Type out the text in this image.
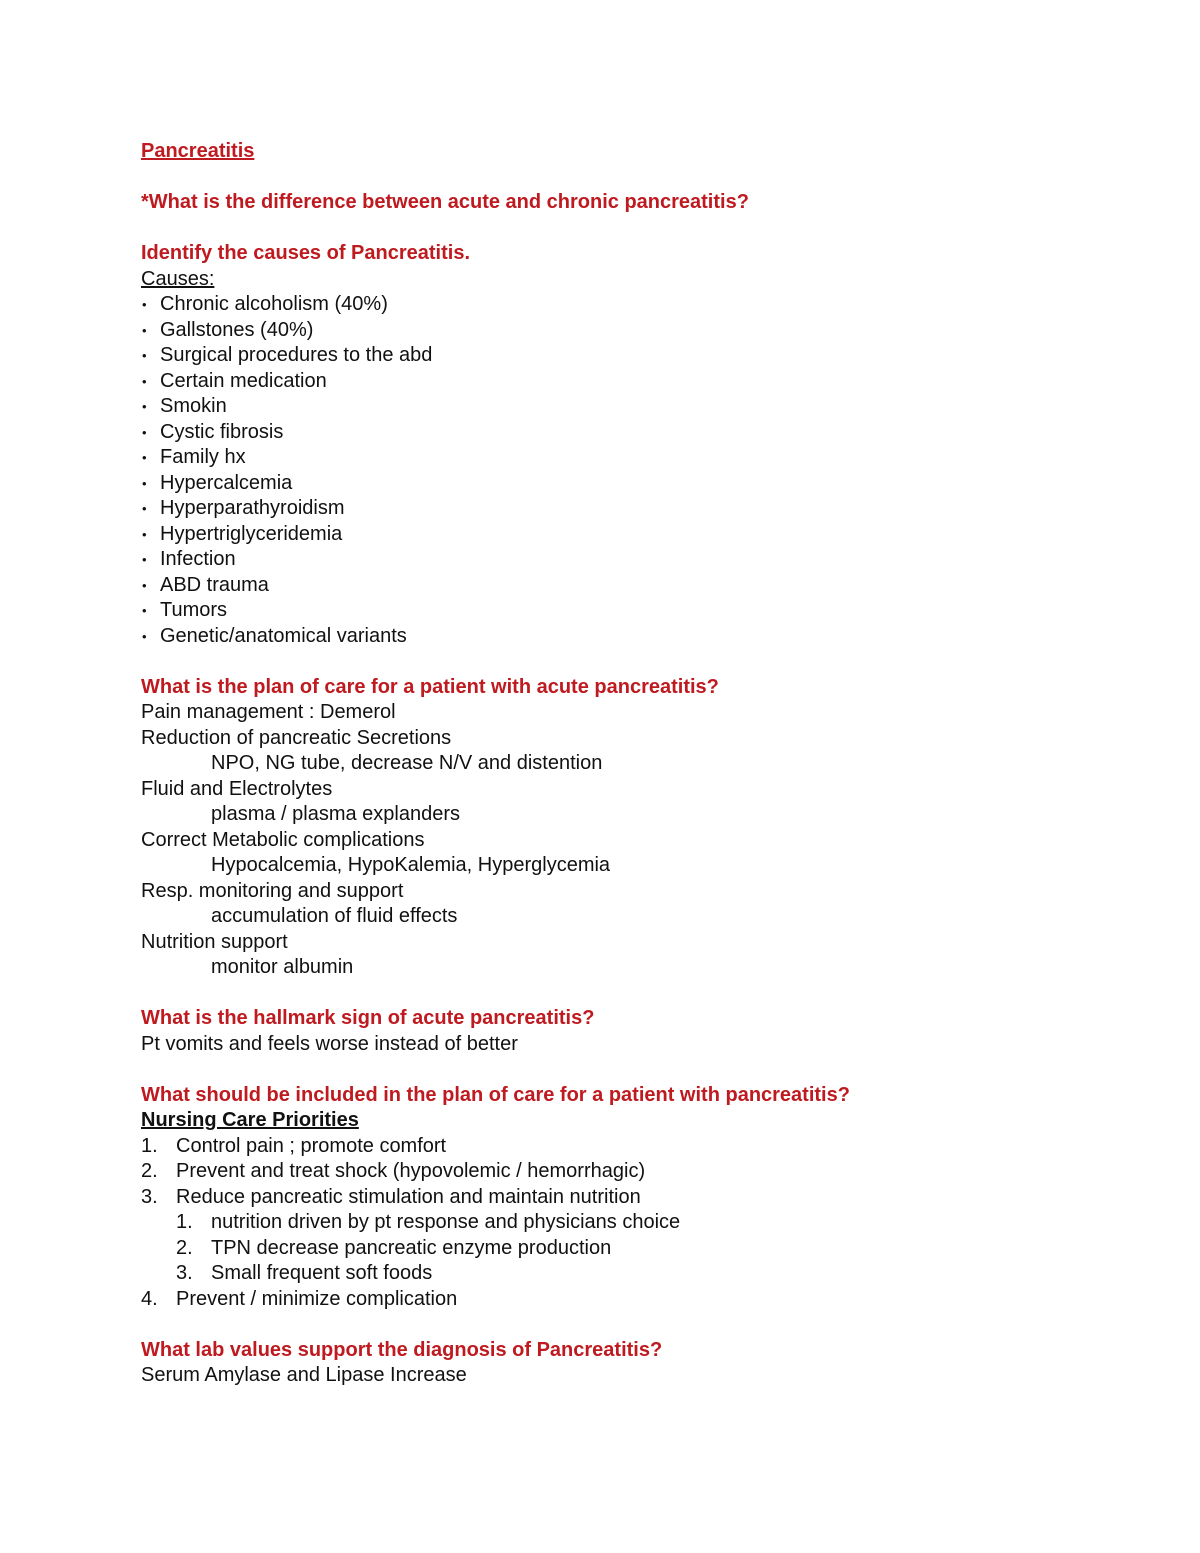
Pancreatitis
*What is the difference between acute and chronic pancreatitis?
Identify the causes of Pancreatitis.
Causes:
• Chronic alcoholism (40%)
• Gallstones (40%)
• Surgical procedures to the abd
• Certain medication
• Smokin
• Cystic fibrosis
• Family hx
• Hypercalcemia
• Hyperparathyroidism
• Hypertriglyceridemia
• Infection
• ABD trauma
• Tumors
• Genetic/anatomical variants
What is the plan of care for a patient with acute pancreatitis?
Pain management : Demerol
Reduction of pancreatic Secretions
NPO, NG tube, decrease N/V and distention
Fluid and Electrolytes
plasma / plasma explanders
Correct Metabolic complications
Hypocalcemia, HypoKalemia, Hyperglycemia
Resp. monitoring and support
accumulation of fluid effects
Nutrition support
monitor albumin
What is the hallmark sign of acute pancreatitis?
Pt vomits and feels worse instead of better
What should be included in the plan of care for a patient with pancreatitis?
Nursing Care Priorities
1. Control pain ; promote comfort
2. Prevent and treat shock (hypovolemic / hemorrhagic)
3. Reduce pancreatic stimulation and maintain nutrition
1. nutrition driven by pt response and physicians choice
2. TPN decrease pancreatic enzyme production
3. Small frequent soft foods
4. Prevent / minimize complication
What lab values support the diagnosis of Pancreatitis?
Serum Amylase and Lipase Increase
